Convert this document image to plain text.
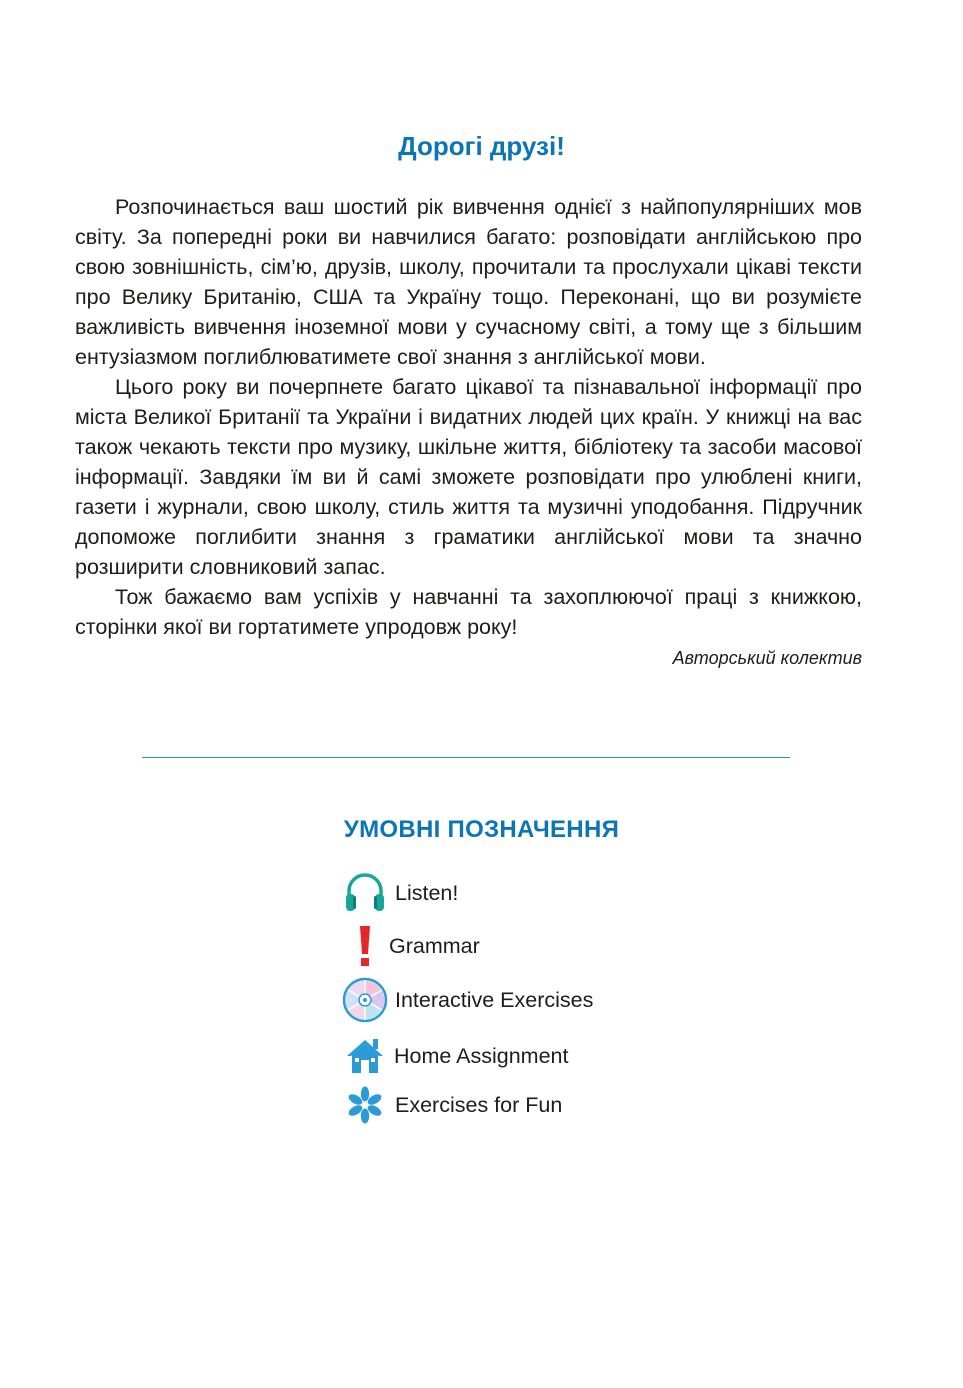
Дорогі друзі!

Розпочинається ваш шостий рік вивчення однієї з найпопулярніших мов світу. За попередні роки ви навчилися багато: розповідати англійською про свою зовнішність, сім’ю, друзів, школу, прочитали та прослухали цікаві тексти про Велику Британію, США та Україну тощо. Переконані, що ви розумієте важливість вивчення іноземної мови у сучасному світі, а тому ще з більшим ентузіазмом поглиблюватимете свої знання з англійської мови.

Цього року ви почерпнете багато цікавої та пізнавальної інформації про міста Великої Британії та України і видатних людей цих країн. У книжці на вас також чекають тексти про музику, шкільне життя, бібліотеку та засоби масової інформації. Завдяки їм ви й самі зможете розповідати про улюблені книги, газети і журнали, свою школу, стиль життя та музичні уподобання. Підручник допоможе поглибити знання з граматики англійської мови та значно розширити словниковий запас.

Тож бажаємо вам успіхів у навчанні та захоплюючої праці з книжкою, сторінки якої ви гортатимете упродовж року!

Авторський колектив

УМОВНІ ПОЗНАЧЕННЯ
Listen!
Grammar
Interactive Exercises
Home Assignment
Exercises for Fun
